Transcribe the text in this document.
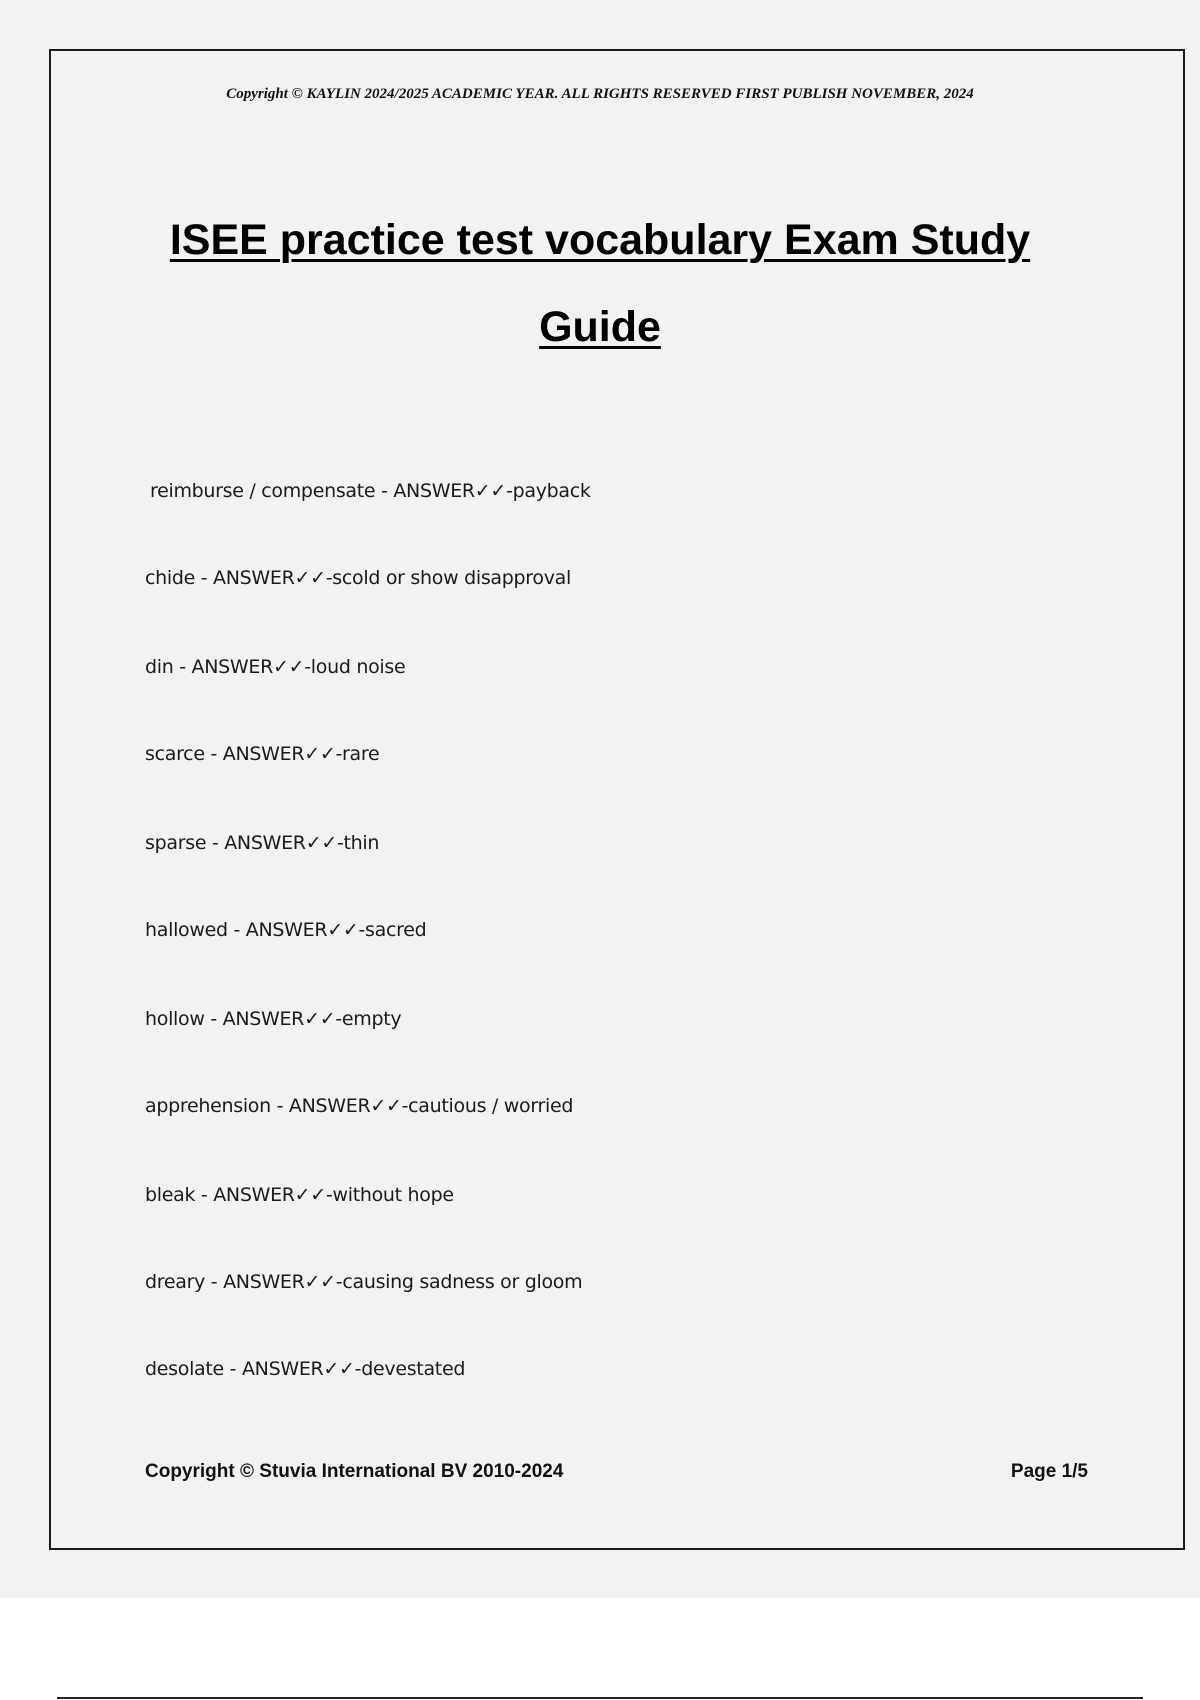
Copyright © KAYLIN 2024/2025 ACADEMIC YEAR. ALL RIGHTS RESERVED FIRST PUBLISH NOVEMBER, 2024
ISEE practice test vocabulary Exam Study
Guide
reimburse / compensate - ANSWER✓✓-payback
chide - ANSWER✓✓-scold or show disapproval
din - ANSWER✓✓-loud noise
scarce - ANSWER✓✓-rare
sparse - ANSWER✓✓-thin
hallowed - ANSWER✓✓-sacred
hollow - ANSWER✓✓-empty
apprehension - ANSWER✓✓-cautious / worried
bleak - ANSWER✓✓-without hope
dreary - ANSWER✓✓-causing sadness or gloom
desolate - ANSWER✓✓-devestated
Copyright © Stuvia International BV 2010-2024	Page 1/5
